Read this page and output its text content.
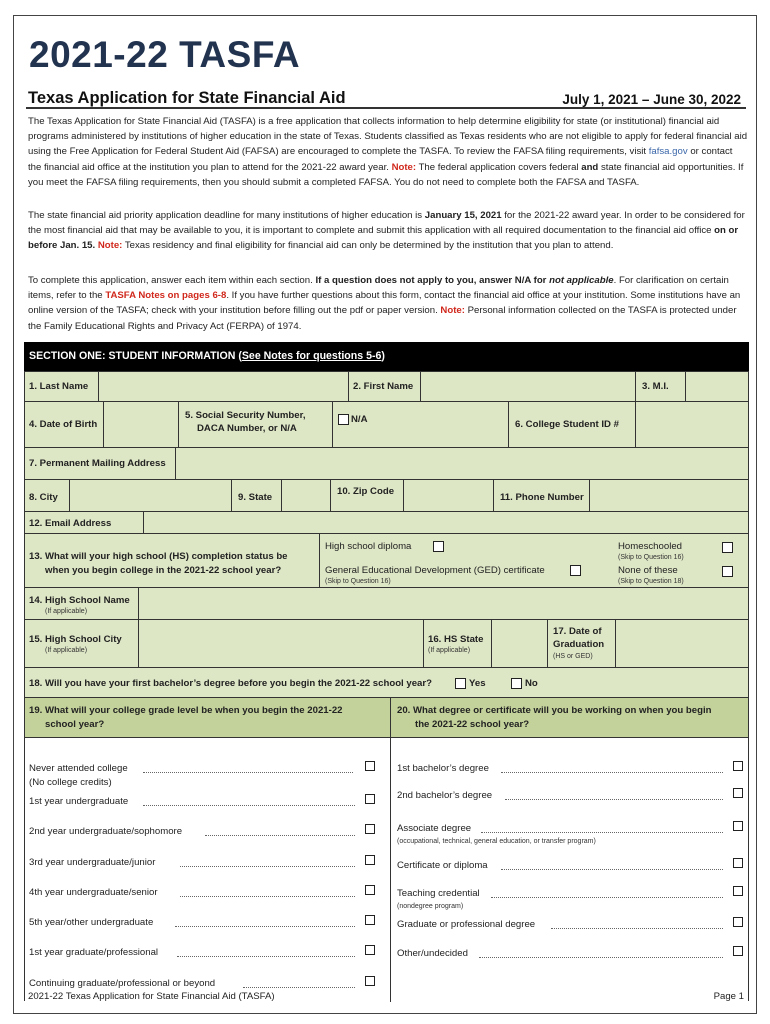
2021-22 TASFA
Texas Application for State Financial Aid	July 1, 2021 – June 30, 2022
The Texas Application for State Financial Aid (TASFA) is a free application that collects information to help determine eligibility for state (or institutional) financial aid programs administered by institutions of higher education in the state of Texas. Students classified as Texas residents who are not eligible to apply for federal financial aid using the Free Application for Federal Student Aid (FAFSA) are encouraged to complete the TASFA. To review the FAFSA filing requirements, visit fafsa.gov or contact the financial aid office at the institution you plan to attend for the 2021-22 award year. Note: The federal application covers federal and state financial aid opportunities. If you meet the FAFSA filing requirements, then you should submit a completed FAFSA. You do not need to complete both the FAFSA and TASFA.
The state financial aid priority application deadline for many institutions of higher education is January 15, 2021 for the 2021-22 award year. In order to be considered for the most financial aid that may be available to you, it is important to complete and submit this application with all required documentation to the financial aid office on or before Jan. 15. Note: Texas residency and final eligibility for financial aid can only be determined by the institution that you plan to attend.
To complete this application, answer each item within each section. If a question does not apply to you, answer N/A for not applicable. For clarification on certain items, refer to the TASFA Notes on pages 6-8. If you have further questions about this form, contact the financial aid office at your institution. Some institutions have an online version of the TASFA; check with your institution before filling out the pdf or paper version. Note: Personal information collected on the TASFA is protected under the Family Educational Rights and Privacy Act (FERPA) of 1974.
SECTION ONE: STUDENT INFORMATION (See Notes for questions 5-6)
1. Last Name	2. First Name	3. M.I.
4. Date of Birth
5. Social Security Number,
DACA Number, or N/A
N/A	6. College Student ID #
7. Permanent Mailing Address
8. City	9. State
10. Zip Code
11. Phone Number
12. Email Address
13. What will your high school (HS) completion status be
when you begin college in the 2021-22 school year?
High school diploma
General Educational Development (GED) certificate
(Skip to Question 16)
Homeschooled
(Skip to Question 16)
None of these
(Skip to Question 18)
14. High School Name
(If applicable)
15. High School City
(If applicable)
16. HS State
(If applicable)
17. Date of
Graduation
(HS or GED)
18. Will you have your first bachelor’s degree before you begin the 2021-22 school year?	Yes	No
19. What will your college grade level be when you begin the 2021-22
school year?
20. What degree or certificate will you be working on when you begin
the 2021-22 school year?
Never attended college
(No college credits)
1st year undergraduate
2nd year undergraduate/sophomore
3rd year undergraduate/junior
4th year undergraduate/senior
5th year/other undergraduate
1st year graduate/professional
Continuing graduate/professional or beyond
1st bachelor’s degree
2nd bachelor’s degree
Associate degree
(occupational, technical, general education, or transfer program)
Certificate or diploma
Teaching credential
(nondegree program)
Graduate or professional degree
Other/undecided
2021-22 Texas Application for State Financial Aid (TASFA)	Page 1
